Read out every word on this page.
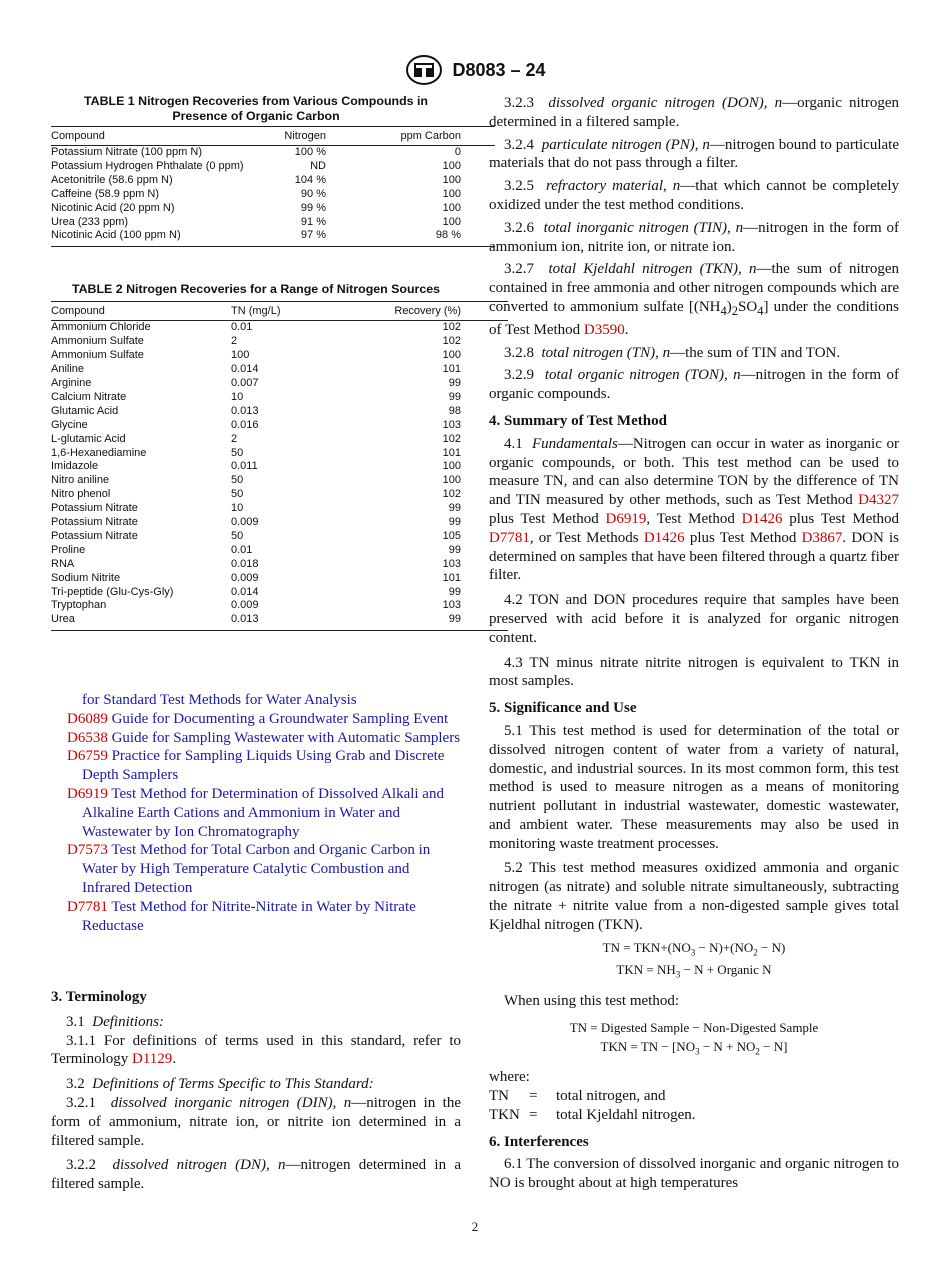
D8083 – 24
TABLE 1 Nitrogen Recoveries from Various Compounds in
Presence of Organic Carbon
Compound	Nitrogen	ppm Carbon
Potassium Nitrate (100 ppm N)	100 %	0
Potassium Hydrogen Phthalate (0 ppm)	ND	100
Acetonitrile (58.6 ppm N)	104 %	100
Caffeine (58.9 ppm N)	90 %	100
Nicotinic Acid (20 ppm N)	99 %	100
Urea (233 ppm)	91 %	100
Nicotinic Acid (100 ppm N)	97 %	98 %
TABLE 2 Nitrogen Recoveries for a Range of Nitrogen Sources
Compound	TN (mg/L)	Recovery (%)
Ammonium Chloride	0.01	102
Ammonium Sulfate	2	102
Ammonium Sulfate	100	100
Aniline	0.014	101
Arginine	0.007	99
Calcium Nitrate	10	99
Glutamic Acid	0.013	98
Glycine	0.016	103
L-glutamic Acid	2	102
1,6-Hexanediamine	50	101
Imidazole	0.011	100
Nitro aniline	50	100
Nitro phenol	50	102
Potassium Nitrate	10	99
Potassium Nitrate	0.009	99
Potassium Nitrate	50	105
Proline	0.01	99
RNA	0.018	103
Sodium Nitrite	0.009	101
Tri-peptide (Glu-Cys-Gly)	0.014	99
Tryptophan	0.009	103
Urea	0.013	99
for Standard Test Methods for Water Analysis
D6089 Guide for Documenting a Groundwater Sampling Event
D6538 Guide for Sampling Wastewater with Automatic Samplers
D6759 Practice for Sampling Liquids Using Grab and Discrete Depth Samplers
D6919 Test Method for Determination of Dissolved Alkali and Alkaline Earth Cations and Ammonium in Water and Wastewater by Ion Chromatography
D7573 Test Method for Total Carbon and Organic Carbon in Water by High Temperature Catalytic Combustion and Infrared Detection
D7781 Test Method for Nitrite-Nitrate in Water by Nitrate Reductase
3. Terminology

3.1 Definitions:

3.1.1 For definitions of terms used in this standard, refer to Terminology D1129.

3.2 Definitions of Terms Specific to This Standard:

3.2.1 dissolved inorganic nitrogen (DIN), n—nitrogen in the form of ammonium, nitrate ion, or nitrite ion determined in a filtered sample.

3.2.2 dissolved nitrogen (DN), n—nitrogen determined in a filtered sample.

3.2.3 dissolved organic nitrogen (DON), n—organic nitrogen determined in a filtered sample.

3.2.4 particulate nitrogen (PN), n—nitrogen bound to particulate materials that do not pass through a filter.

3.2.5 refractory material, n—that which cannot be completely oxidized under the test method conditions.

3.2.6 total inorganic nitrogen (TIN), n—nitrogen in the form of ammonium ion, nitrite ion, or nitrate ion.

3.2.7 total Kjeldahl nitrogen (TKN), n—the sum of nitrogen contained in free ammonia and other nitrogen compounds which are converted to ammonium sulfate $[(NH_4)_2SO_4]$ under the conditions of Test Method D3590.

3.2.8 total nitrogen (TN), n—the sum of TIN and TON.

3.2.9 total organic nitrogen (TON), n—nitrogen in the form of organic compounds.

4. Summary of Test Method

4.1 Fundamentals—Nitrogen can occur in water as inorganic or organic compounds, or both. This test method can be used to measure TN, and can also determine TON by the difference of TN and TIN measured by other methods, such as Test Method D4327 plus Test Method D6919, Test Method D1426 plus Test Method D7781, or Test Methods D1426 plus Test Method D3867. DON is determined on samples that have been filtered through a quartz fiber filter.

4.2 TON and DON procedures require that samples have been preserved with acid before it is analyzed for organic nitrogen content.

4.3 TN minus nitrate nitrite nitrogen is equivalent to TKN in most samples.

5. Significance and Use

5.1 This test method is used for determination of the total or dissolved nitrogen content of water from a variety of natural, domestic, and industrial sources. In its most common form, this test method is used to measure nitrogen as a means of monitoring nutrient pollutant in industrial wastewater, domestic wastewater, and ambient water. These measurements may also be used in monitoring waste treatment processes.

5.2 This test method measures oxidized ammonia and organic nitrogen (as nitrate) and soluble nitrate simultaneously, subtracting the nitrate + nitrite value from a non-digested sample gives total Kjeldhal nitrogen (TKN).

TN = $TKN+(NO_3 - N)+(NO_2 - N)$
TKN = $NH_3 - N$ + Organic N

When using this test method:

TN = Digested Sample − Non-Digested Sample
TKN = TN − $[NO_3 - N + NO_2 - N]$

where:

TN = total nitrogen, and
TKN = total Kjeldahl nitrogen.
6. Interferences

6.1 The conversion of dissolved inorganic and organic nitrogen to NO is brought about at high temperatures

2
